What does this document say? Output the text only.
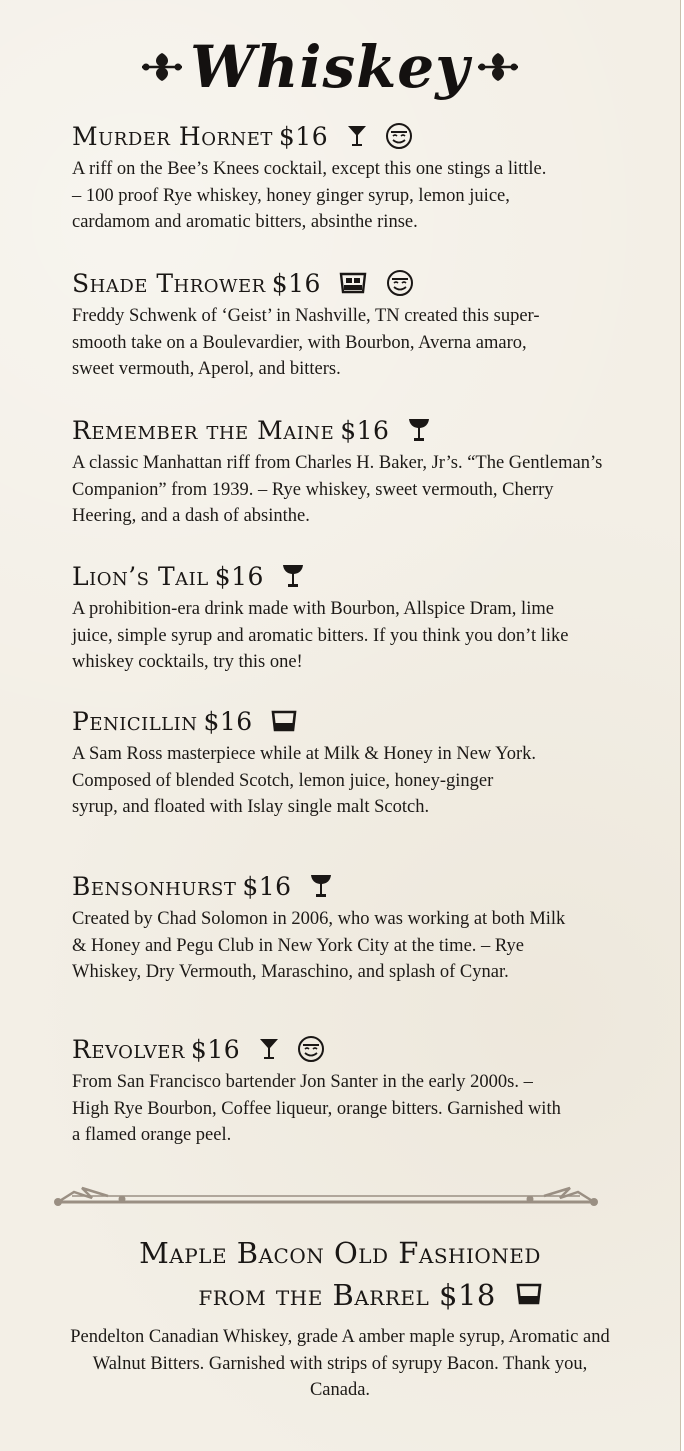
Whiskey
Murder Hornet $16
A riff on the Bee’s Knees cocktail, except this one stings a little. – 100 proof Rye whiskey, honey ginger syrup, lemon juice, cardamom and aromatic bitters, absinthe rinse.
Shade Thrower $16
Freddy Schwenk of ‘Geist’ in Nashville, TN created this super-smooth take on a Boulevardier, with Bourbon, Averna amaro, sweet vermouth, Aperol, and bitters.
Remember the Maine $16
A classic Manhattan riff from Charles H. Baker, Jr’s. “The Gentleman’s Companion” from 1939. – Rye whiskey, sweet vermouth, Cherry Heering, and a dash of absinthe.
Lion’s Tail $16
A prohibition-era drink made with Bourbon, Allspice Dram, lime juice, simple syrup and aromatic bitters. If you think you don’t like whiskey cocktails, try this one!
Penicillin $16
A Sam Ross masterpiece while at Milk & Honey in New York. Composed of blended Scotch, lemon juice, honey-ginger syrup, and floated with Islay single malt Scotch.
Bensonhurst $16
Created by Chad Solomon in 2006, who was working at both Milk & Honey and Pegu Club in New York City at the time. – Rye Whiskey, Dry Vermouth, Maraschino, and splash of Cynar.
Revolver $16
From San Francisco bartender Jon Santer in the early 2000s. – High Rye Bourbon, Coffee liqueur, orange bitters. Garnished with a flamed orange peel.
Maple Bacon Old Fashioned
from the Barrel $18
Pendelton Canadian Whiskey, grade A amber maple syrup, Aromatic and Walnut Bitters. Garnished with strips of syrupy Bacon. Thank you, Canada.
